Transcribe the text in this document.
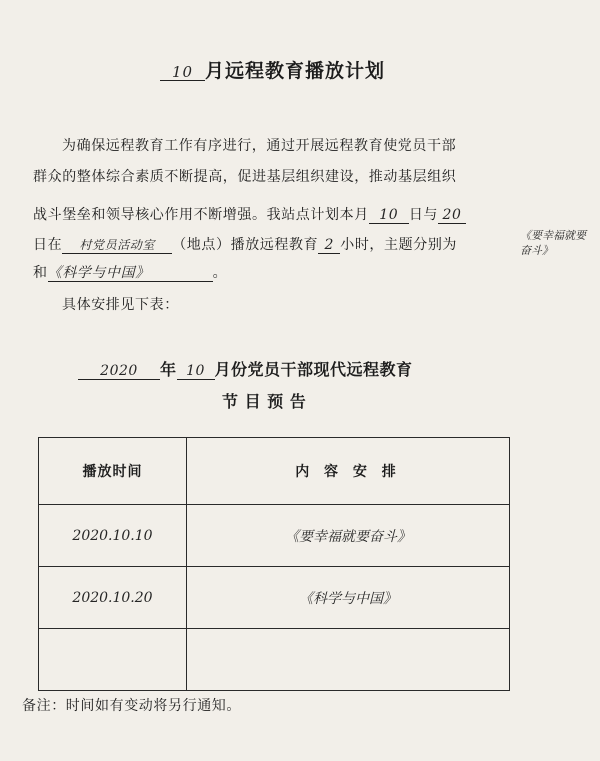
10 月远程教育播放计划
为确保远程教育工作有序进行，通过开展远程教育使党员干部
群众的整体综合素质不断提高，促进基层组织建设，推动基层组织
战斗堡垒和领导核心作用不断增强。我站点计划本月 10 日与 20
日在 村党员活动室 （地点）播放远程教育 2 小时，主题分别为
《要幸福就要奋斗》
和《科学与中国》	。
具体安排见下表：
2020 年 10 月份党员干部现代远程教育
节 目 预 告
播放时间	内 容 安 排
2020.10.10	《要幸福就要奋斗》
2020.10.20	《科学与中国》

备注：时间如有变动将另行通知。
